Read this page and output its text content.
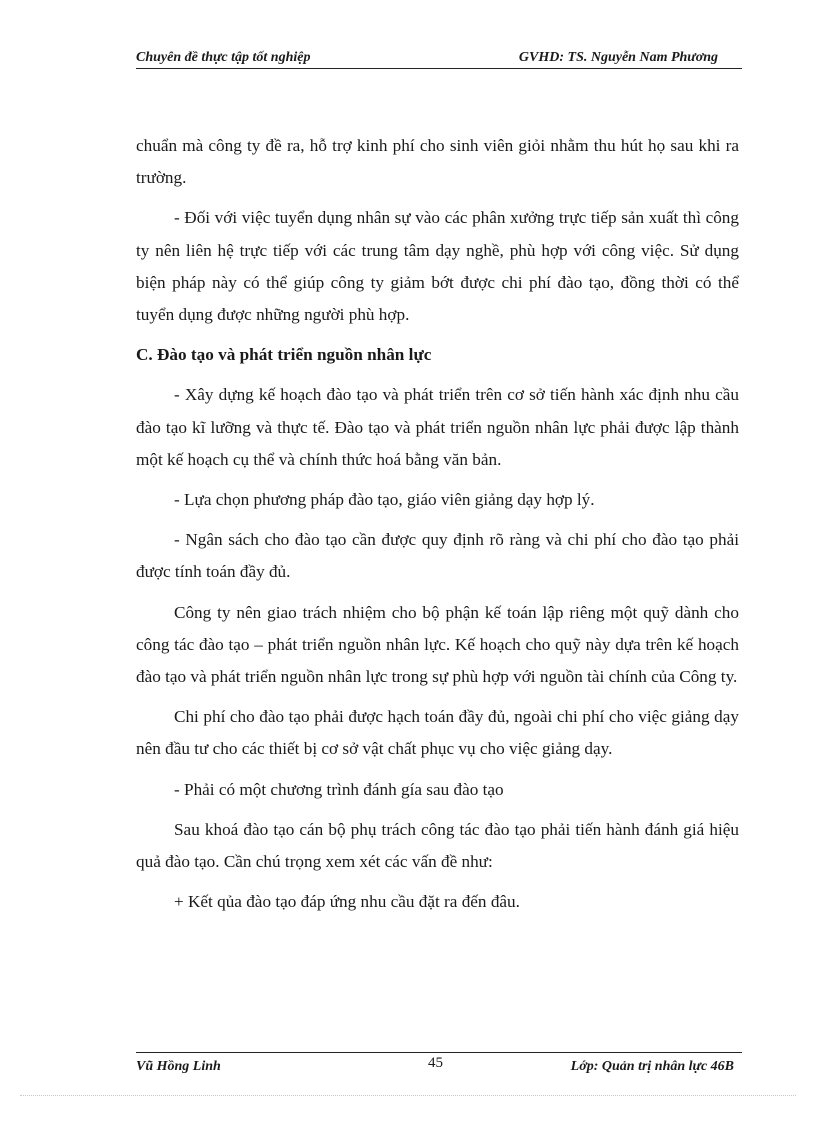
Chuyên đề thực tập tốt nghiệp	GVHD: TS. Nguyễn Nam Phương

chuẩn mà công ty đề ra, hỗ trợ kinh phí cho sinh viên giỏi nhằm thu hút họ sau khi ra trường.

- Đối với việc tuyển dụng nhân sự vào các phân xưởng trực tiếp sản xuất thì công ty nên liên hệ trực tiếp với các trung tâm dạy nghề, phù hợp với công việc. Sử dụng biện pháp này có thể giúp công ty giảm bớt được chi phí đào tạo, đồng thời có thể tuyển dụng được những người phù hợp.

C. Đào tạo và phát triển nguồn nhân lực

- Xây dựng kế hoạch đào tạo và phát triển trên cơ sở tiến hành xác định nhu cầu đào tạo kĩ lưỡng và thực tế. Đào tạo và phát triển nguồn nhân lực phải được lập thành một kế hoạch cụ thể và chính thức hoá bằng văn bản.

- Lựa chọn phương pháp đào tạo, giáo viên giảng dạy hợp lý.

- Ngân sách cho đào tạo cần được quy định rõ ràng và chi phí cho đào tạo phải được tính toán đầy đủ.

Công ty nên giao trách nhiệm cho bộ phận kế toán lập riêng một quỹ dành cho công tác đào tạo – phát triển nguồn nhân lực. Kế hoạch cho quỹ này dựa trên kế hoạch đào tạo và phát triển nguồn nhân lực trong sự phù hợp với nguồn tài chính của Công ty.

Chi phí cho đào tạo phải được hạch toán đầy đủ, ngoài chi phí cho việc giảng dạy nên đầu tư cho các thiết bị cơ sở vật chất phục vụ cho việc giảng dạy.

- Phải có một chương trình đánh gía sau đào tạo

Sau khoá đào tạo cán bộ phụ trách công tác đào tạo phải tiến hành đánh giá hiệu quả đào tạo. Cần chú trọng xem xét các vấn đề như:

+ Kết qủa đào tạo đáp ứng nhu cầu đặt ra đến đâu.

Vũ Hồng Linh	45	Lớp: Quản trị nhân lực 46B
